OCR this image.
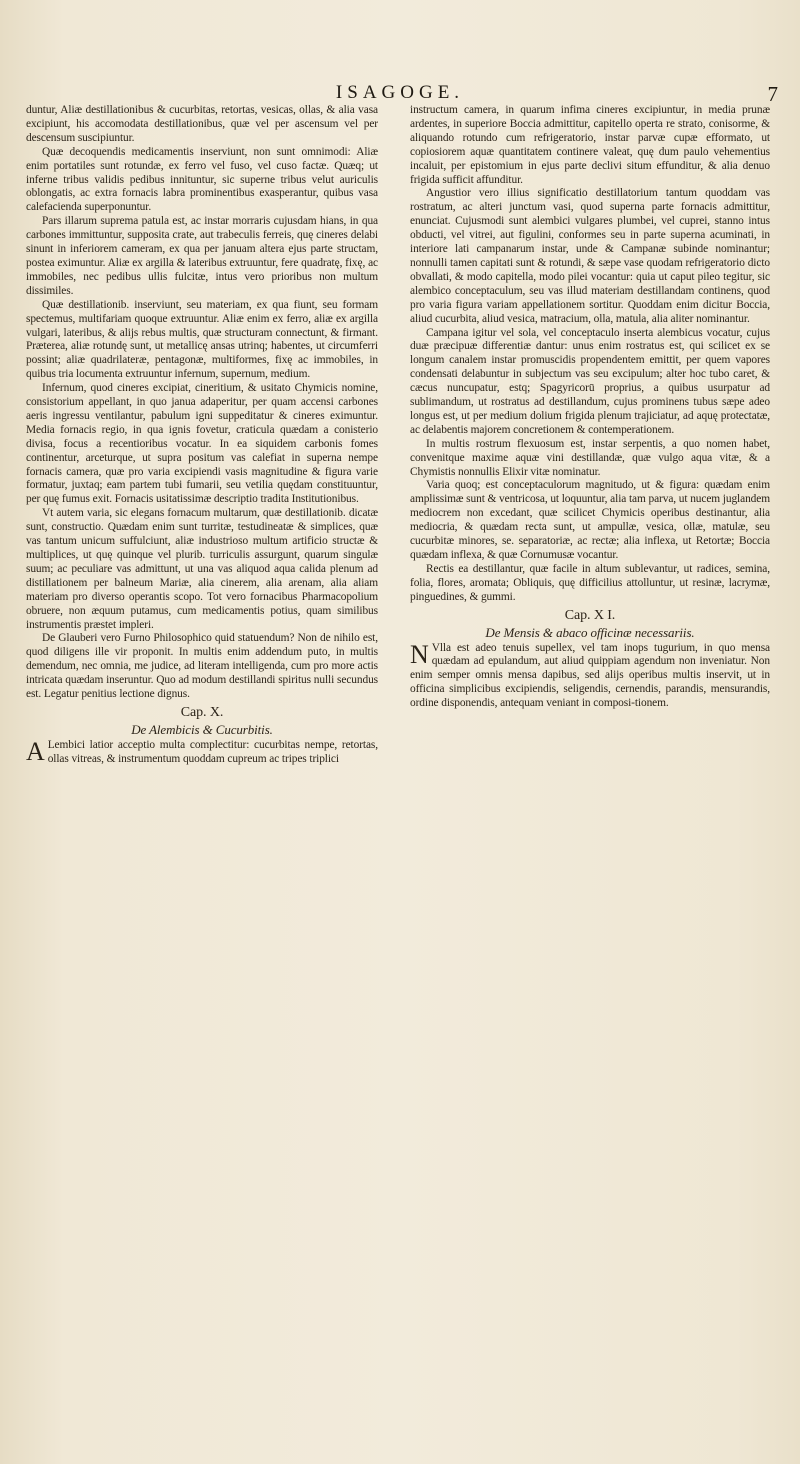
ISAGOGE.	7

duntur, Aliæ destillationibus & cucurbitas, retortas, vesicas, ollas, & alia vasa excipiunt, his accomodata destillationibus, quæ vel per ascensum vel per descensum suscipiuntur.

Quæ decoquendis medicamentis inserviunt, non sunt omnimodi: Aliæ enim portatiles sunt rotundæ, ex ferro vel fuso, vel cuso factæ. Quæq; ut inferne tribus validis pedibus innituntur, sic superne tribus velut auriculis oblongatis, ac extra fornacis labra prominentibus exasperantur, quibus vasa calefacienda superponuntur.

Pars illarum suprema patula est, ac instar morraris cujusdam hians, in qua carbones immittuntur, supposita crate, aut trabeculis ferreis, quę cineres delabi sinunt in inferiorem cameram, ex qua per januam altera ejus parte structam, postea eximuntur. Aliæ ex argilla & lateribus extruuntur, fere quadratę, fixę, ac immobiles, nec pedibus ullis fulcitæ, intus vero prioribus non multum dissimiles.

Quæ destillationib. inserviunt, seu materiam, ex qua fiunt, seu formam spectemus, multifariam quoque extruuntur. Aliæ enim ex ferro, aliæ ex argilla vulgari, lateribus, & alijs rebus multis, quæ structuram connectunt, & firmant. Præterea, aliæ rotundę sunt, ut metallicę ansas utrinq; habentes, ut circumferri possint; aliæ quadrilateræ, pentagonæ, multiformes, fixę ac immobiles, in quibus tria locumenta extruuntur infernum, supernum, medium.

Infernum, quod cineres excipiat, cineritium, & usitato Chymicis nomine, consistorium appellant, in quo janua adaperitur, per quam accensi carbones aeris ingressu ventilantur, pabulum igni suppeditatur & cineres eximuntur. Media fornacis regio, in qua ignis fovetur, craticula quædam a conisterio divisa, focus a recentioribus vocatur. In ea siquidem carbonis fomes continentur, arceturque, ut supra positum vas calefiat in superna nempe fornacis camera, quæ pro varia excipiendi vasis magnitudine & figura varie formatur, juxtaq; eam partem tubi fumarii, seu vetilia quędam constituuntur, per quę fumus exit. Fornacis usitatissimæ descriptio tradita Institutionibus.

Vt autem varia, sic elegans fornacum multarum, quæ destillationib. dicatæ sunt, constructio. Quædam enim sunt turritæ, testudineatæ & simplices, quæ vas tantum unicum suffulciunt, aliæ industrioso multum artificio structæ & multiplices, ut quę quinque vel plurib. turriculis assurgunt, quarum singulæ suum; ac peculiare vas admittunt, ut una vas aliquod aqua calida plenum ad distillationem per balneum Mariæ, alia cinerem, alia arenam, alia aliam materiam pro diverso operantis scopo. Tot vero fornacibus Pharmacopolium obruere, non æquum putamus, cum medicamentis potius, quam similibus instrumentis præstet impleri.

De Glauberi vero Furno Philosophico quid statuendum? Non de nihilo est, quod diligens ille vir proponit. In multis enim addendum puto, in multis demendum, nec omnia, me judice, ad literam intelligenda, cum pro more actis intricata quædam inseruntur. Quo ad modum destillandi spiritus nulli secundus est. Legatur penitius lectione dignus.

Cap. X.
De Alembicis & Cucurbitis.

A Lembici latior acceptio multa complectitur: cucurbitas nempe, retortas, ollas vitreas, & instrumentum quoddam cupreum ac tripes triplici

instructum camera, in quarum infima cineres excipiuntur, in media prunæ ardentes, in superiore Boccia admittitur, capitello operta re strato, conisorme, & aliquando rotundo cum refrigeratorio, instar parvæ cupæ efformato, ut copiosiorem aquæ quantitatem continere valeat, quę dum paulo vehementius incaluit, per epistomium in ejus parte declivi situm effunditur, & alia denuo frigida sufficit affunditur.

Angustior vero illius significatio destillatorium tantum quoddam vas rostratum, ac alteri junctum vasi, quod superna parte fornacis admittitur, enunciat. Cujusmodi sunt alembici vulgares plumbei, vel cuprei, stanno intus obducti, vel vitrei, aut figulini, conformes seu in parte superna acuminati, in interiore lati campanarum instar, unde & Campanæ subinde nominantur; nonnulli tamen capitati sunt & rotundi, & sæpe vase quodam refrigeratorio dicto obvallati, & modo capitella, modo pilei vocantur: quia ut caput pileo tegitur, sic alembico conceptaculum, seu vas illud materiam destillandam continens, quod pro varia figura variam appellationem sortitur. Quoddam enim dicitur Boccia, aliud cucurbita, aliud vesica, matracium, olla, matula, alia aliter nominantur.

Campana igitur vel sola, vel conceptaculo inserta alembicus vocatur, cujus duæ præcipuæ differentiæ dantur: unus enim rostratus est, qui scilicet ex se longum canalem instar promuscidis propendentem emittit, per quem vapores condensati delabuntur in subjectum vas seu excipulum; alter hoc tubo caret, & cæcus nuncupatur, estq; Spagyricorū proprius, a quibus usurpatur ad sublimandum, ut rostratus ad destillandum, cujus prominens tubus sæpe adeo longus est, ut per medium dolium frigida plenum trajiciatur, ad aquę protectatæ, ac delabentis majorem concretionem & contemperationem.

In multis rostrum flexuosum est, instar serpentis, a quo nomen habet, convenitque maxime aquæ vini destillandæ, quæ vulgo aqua vitæ, & a Chymistis nonnullis Elixir vitæ nominatur.

Varia quoq; est conceptaculorum magnitudo, ut & figura: quædam enim amplissimæ sunt & ventricosa, ut loquuntur, alia tam parva, ut nucem juglandem mediocrem non excedant, quæ scilicet Chymicis operibus destinantur, alia mediocria, & quædam recta sunt, ut ampullæ, vesica, ollæ, matulæ, seu cucurbitæ minores, se. separatoriæ, ac rectæ; alia inflexa, ut Retortæ; Boccia quædam inflexa, & quæ Cornumusæ vocantur.

Rectis ea destillantur, quæ facile in altum sublevantur, ut radices, semina, folia, flores, aromata; Obliquis, quę difficilius attolluntur, ut resinæ, lacrymæ, pinguedines, & gummi.

Cap. X I.
De Mensis & abaco officinæ necessariis.

N Vlla est adeo tenuis supellex, vel tam inops tugurium, in quo mensa quædam ad epulandum, aut aliud quippiam agendum non inveniatur. Non enim semper omnis mensa dapibus, sed alijs operibus multis inservit, ut in officina simplicibus excipiendis, seligendis, cernendis, parandis, mensurandis, ordine disponendis, antequam veniant in composi-tionem.
